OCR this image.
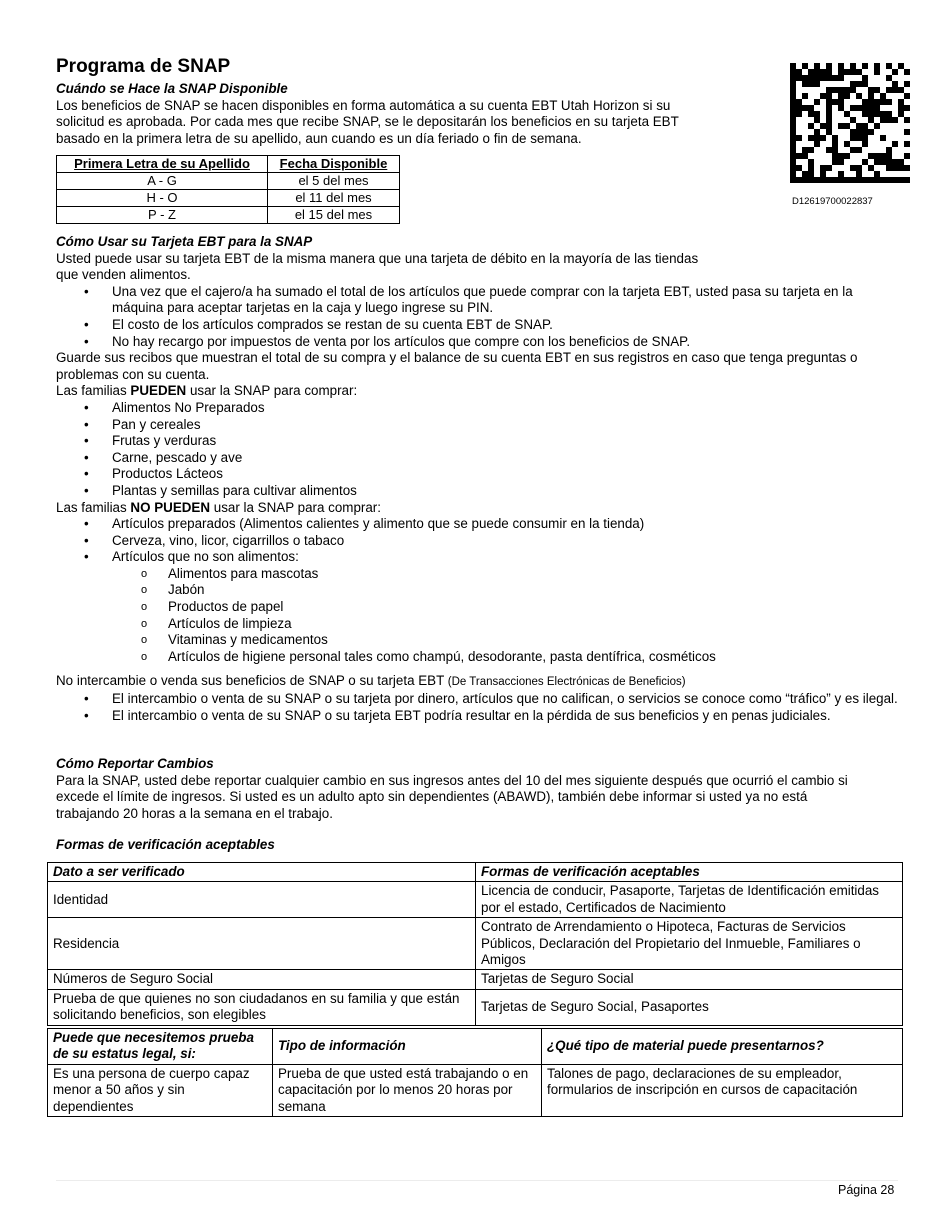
Programa de SNAP
D12619700022837
Cuándo se Hace la SNAP Disponible

Los beneficios de SNAP se hacen disponibles en forma automática a su cuenta EBT Utah Horizon si su

solicitud es aprobada. Por cada mes que recibe SNAP, se le depositarán los beneficios en su tarjeta EBT

basado en la primera letra de su apellido, aun cuando es un día feriado o fin de semana.

Primera Letra de su Apellido	Fecha Disponible
A - G	el 5 del mes
H - O	el 11 del mes
P - Z	el 15 del mes
Cómo Usar su Tarjeta EBT para la SNAP

Usted puede usar su tarjeta EBT de la misma manera que una tarjeta de débito en la mayoría de las tiendas

que venden alimentos.

• Una vez que el cajero/a ha sumado el total de los artículos que puede comprar con la tarjeta EBT, usted pasa su tarjeta en la máquina para aceptar tarjetas en la caja y luego ingrese su PIN.
• El costo de los artículos comprados se restan de su cuenta EBT de SNAP.
• No hay recargo por impuestos de venta por los artículos que compre con los beneficios de SNAP.

Guarde sus recibos que muestran el total de su compra y el balance de su cuenta EBT en sus registros en caso que tenga preguntas o problemas con su cuenta.

Las familias PUEDEN usar la SNAP para comprar:

• Alimentos No Preparados
• Pan y cereales
• Frutas y verduras
• Carne, pescado y ave
• Productos Lácteos
• Plantas y semillas para cultivar alimentos

Las familias NO PUEDEN usar la SNAP para comprar:

• Artículos preparados (Alimentos calientes y alimento que se puede consumir en la tienda)
• Cerveza, vino, licor, cigarrillos o tabaco
• Artículos que no son alimentos:
o Alimentos para mascotas
o Jabón
o Productos de papel
o Artículos de limpieza
o Vitaminas y medicamentos
o Artículos de higiene personal tales como champú, desodorante, pasta dentífrica, cosméticos

No intercambie o venda sus beneficios de SNAP o su tarjeta EBT (De Transacciones Electrónicas de Beneficios)

• El intercambio o venta de su SNAP o su tarjeta por dinero, artículos que no califican, o servicios se conoce como “tráfico” y es ilegal.
• El intercambio o venta de su SNAP o su tarjeta EBT podría resultar en la pérdida de sus beneficios y en penas judiciales.
Cómo Reportar Cambios

Para la SNAP, usted debe reportar cualquier cambio en sus ingresos antes del 10 del mes siguiente después que ocurrió el cambio si

excede el límite de ingresos. Si usted es un adulto apto sin dependientes (ABAWD), también debe informar si usted ya no está

trabajando 20 horas a la semana en el trabajo.

Formas de verificación aceptables
Dato a ser verificado	Formas de verificación aceptables
Identidad	Licencia de conducir, Pasaporte, Tarjetas de Identificación emitidas por el estado, Certificados de Nacimiento
Residencia	Contrato de Arrendamiento o Hipoteca, Facturas de Servicios Públicos, Declaración del Propietario del Inmueble, Familiares o Amigos
Números de Seguro Social	Tarjetas de Seguro Social
Prueba de que quienes no son ciudadanos en su familia y que están solicitando beneficios, son elegibles	Tarjetas de Seguro Social, Pasaportes
Puede que necesitemos prueba de su estatus legal, si:	Tipo de información	¿Qué tipo de material puede presentarnos?
Es una persona de cuerpo capaz menor a 50 años y sin dependientes	Prueba de que usted está trabajando o en capacitación por lo menos 20 horas por semana	Talones de pago, declaraciones de su empleador, formularios de inscripción en cursos de capacitación
Página 28
